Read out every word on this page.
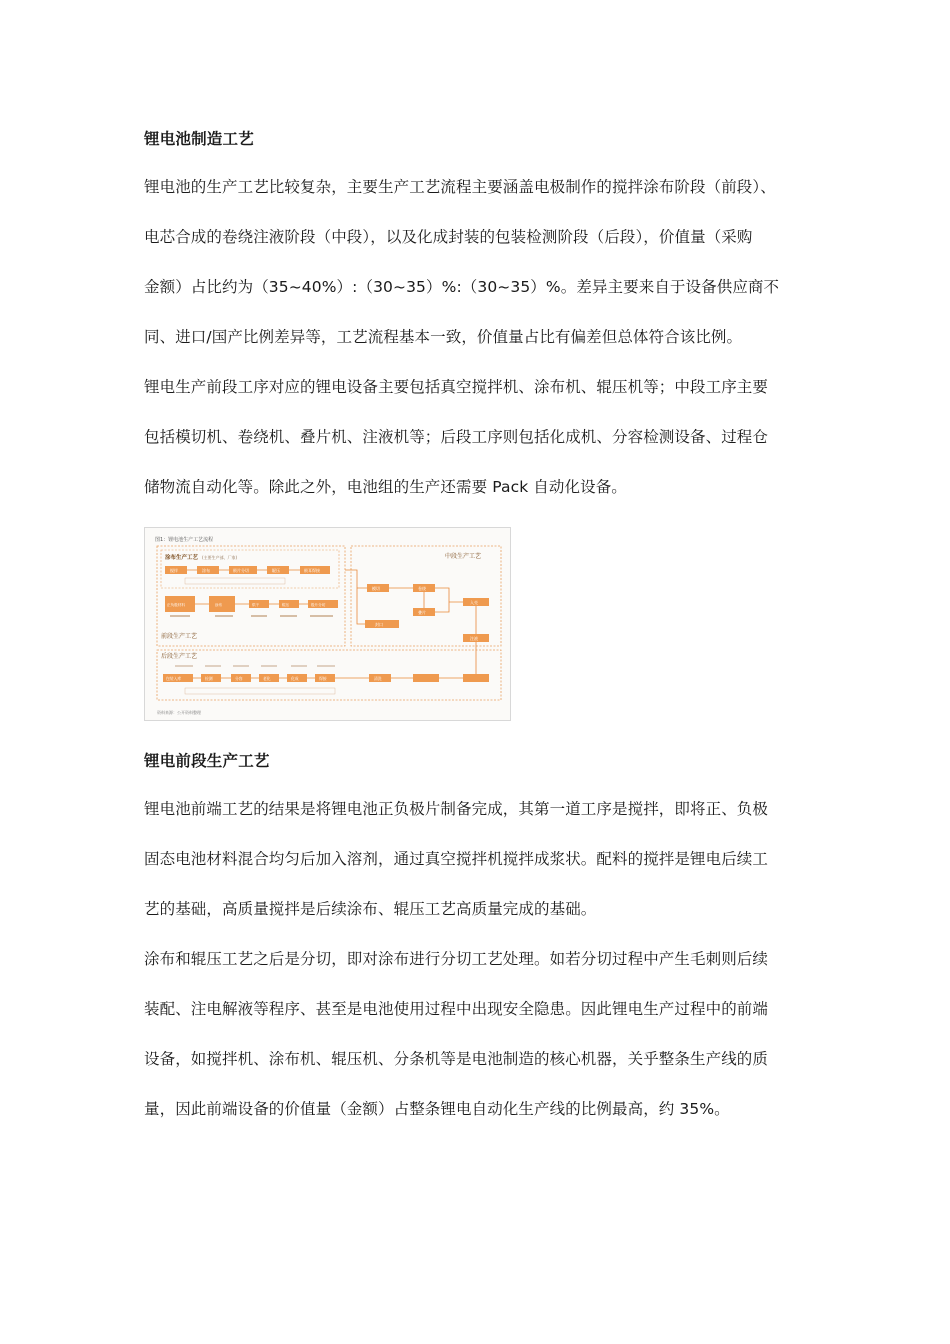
锂电池制造工艺
锂电池的生产工艺比较复杂，主要生产工艺流程主要涵盖电极制作的搅拌涂布阶段（前段）、
电芯合成的卷绕注液阶段（中段），以及化成封装的包装检测阶段（后段），价值量（采购
金额）占比约为（35~40%）:（30~35）%:（30~35）%。差异主要来自于设备供应商不
同、进口/国产比例差异等，工艺流程基本一致，价值量占比有偏差但总体符合该比例。
锂电生产前段工序对应的锂电设备主要包括真空搅拌机、涂布机、辊压机等；中段工序主要
包括模切机、卷绕机、叠片机、注液机等；后段工序则包括化成机、分容检测设备、过程仓
储物流自动化等。除此之外，电池组的生产还需要 Pack 自动化设备。
图1：锂电池生产工艺流程
涂布生产工艺 (主要生产部、厂家)
前段生产工艺
搅拌	涂布	极片分切	辊压	极耳焊接
正负极材料	涂布	烘干	辊压	极片分切
中段生产工艺
模切	卷绕
叠片
入壳
注液
封口
后段生产工艺
包装入库	检测	分容	老化	化成	焊接	清洗
资料来源：公开资料整理
锂电前段生产工艺
锂电池前端工艺的结果是将锂电池正负极片制备完成，其第一道工序是搅拌，即将正、负极
固态电池材料混合均匀后加入溶剂，通过真空搅拌机搅拌成浆状。配料的搅拌是锂电后续工
艺的基础，高质量搅拌是后续涂布、辊压工艺高质量完成的基础。
涂布和辊压工艺之后是分切，即对涂布进行分切工艺处理。如若分切过程中产生毛刺则后续
装配、注电解液等程序、甚至是电池使用过程中出现安全隐患。因此锂电生产过程中的前端
设备，如搅拌机、涂布机、辊压机、分条机等是电池制造的核心机器，关乎整条生产线的质
量，因此前端设备的价值量（金额）占整条锂电自动化生产线的比例最高，约 35%。
